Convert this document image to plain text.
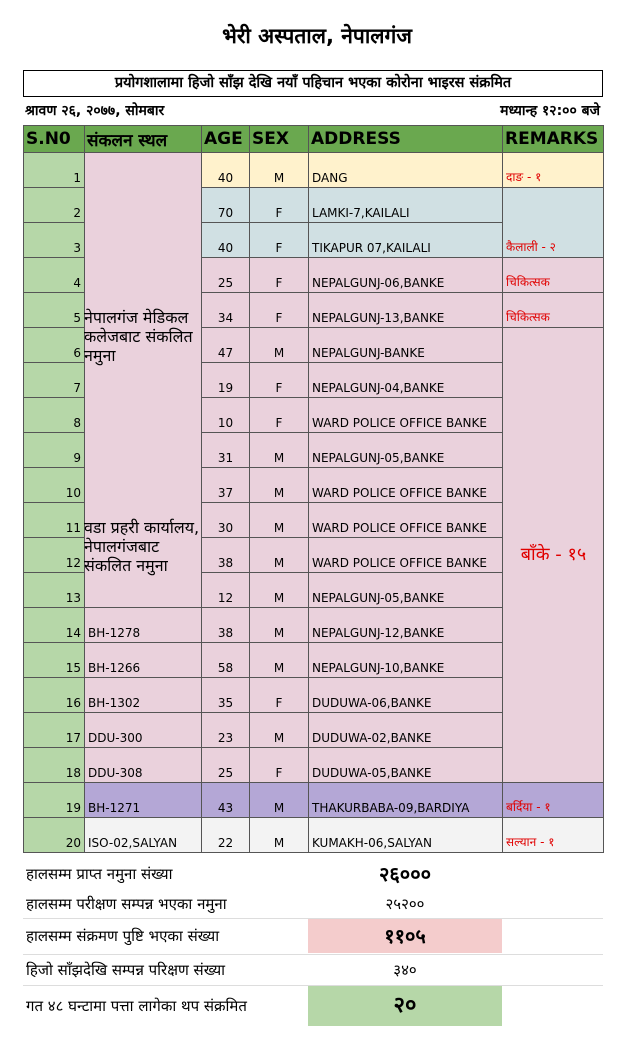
भेरी अस्पताल, नेपालगंज
प्रयोगशालामा हिजो साँझ देखि नयाँ पहिचान भएका कोरोना भाइरस संक्रमित
श्रावण २६, २०७७, सोमबार	मध्यान्ह १२:०० बजे
S.N0	संकलन स्थल	AGE	SEX	ADDRESS	REMARKS
1		40	M	DANG	दाङ - १
2		70	F	LAMKI-7,KAILALI	कैलाली - २
3		40	F	TIKAPUR 07,KAILALI	
4		25	F	NEPALGUNJ-06,BANKE	चिकित्सक
5		34	F	NEPALGUNJ-13,BANKE	चिकित्सक
6		47	M	NEPALGUNJ-BANKE	
7		19	F	NEPALGUNJ-04,BANKE	
8		10	F	WARD POLICE OFFICE BANKE	
9		31	M	NEPALGUNJ-05,BANKE	
10		37	M	WARD POLICE OFFICE BANKE	
11		30	M	WARD POLICE OFFICE BANKE	
12		38	M	WARD POLICE OFFICE BANKE	
13		12	M	NEPALGUNJ-05,BANKE	
14	BH-1278	38	M	NEPALGUNJ-12,BANKE	
15	BH-1266	58	M	NEPALGUNJ-10,BANKE	
16	BH-1302	35	F	DUDUWA-06,BANKE	
17	DDU-300	23	M	DUDUWA-02,BANKE	
18	DDU-308	25	F	DUDUWA-05,BANKE	
19	BH-1271	43	M	THAKURBABA-09,BARDIYA	बर्दिया - १
20	ISO-02,SALYAN	22	M	KUMAKH-06,SALYAN	सल्यान - १
नेपालगंज मेडिकल कलेजबाट संकलित नमुना
वडा प्रहरी कार्यालय, नेपालगंजबाट संकलित नमुना
बाँके - १५
हालसम्म प्राप्त नमुना संख्या	२६०००
हालसम्म परीक्षण सम्पन्न भएका नमुना	२५२००
हालसम्म संक्रमण पुष्टि भएका संख्या	११०५
हिजो साँझदेखि सम्पन्न परिक्षण संख्या	३४०
गत ४८ घन्टामा पत्ता लागेका थप संक्रमित	२०
